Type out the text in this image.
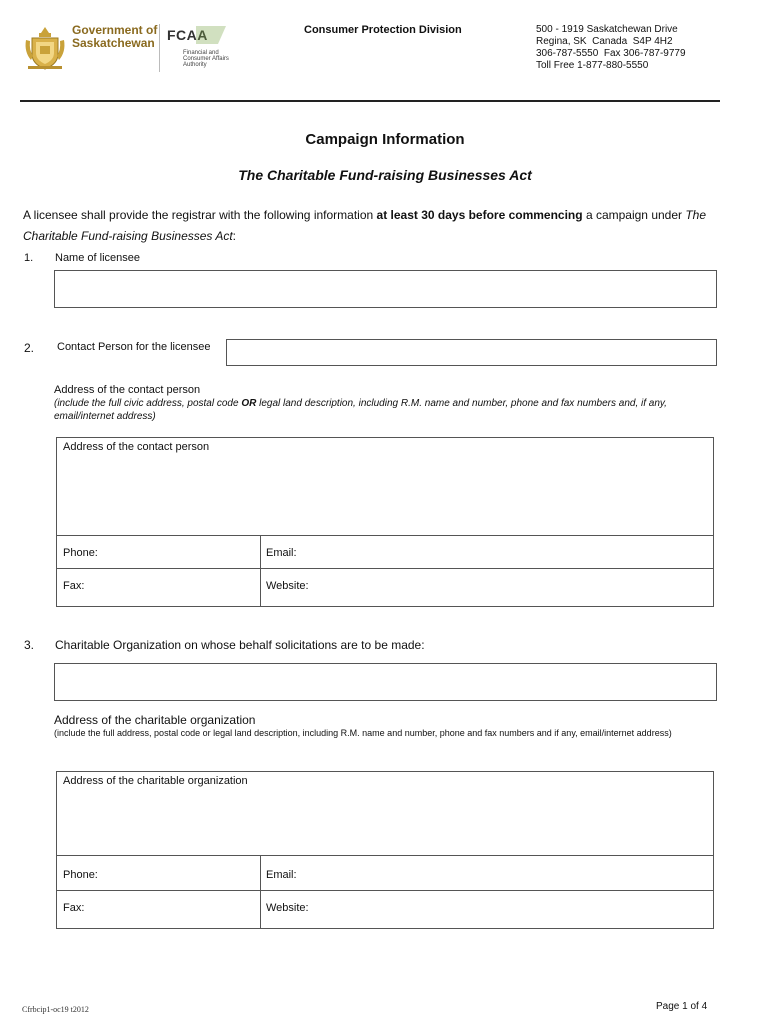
Government of
Saskatchewan FCAA
Financial and Consumer Affairs Authority
Consumer Protection Division	500 - 1919 Saskatchewan Drive
Regina, SK  Canada  S4P 4H2
306-787-5550  Fax 306-787-9779
Toll Free 1-877-880-5550
Campaign Information
The Charitable Fund-raising Businesses Act
A licensee shall provide the registrar with the following information at least 30 days before commencing a campaign under The Charitable Fund-raising Businesses Act:
1. Name of licensee
2. Contact Person for the licensee
Address of the contact person
(include the full civic address, postal code OR legal land description, including R.M. name and number, phone and fax numbers and, if any, email/internet address)
Address of the contact person
Phone:	Email:
Fax:	Website:
3. Charitable Organization on whose behalf solicitations are to be made:
Address of the charitable organization
(include the full address, postal code or legal land description, including R.M. name and number, phone and fax numbers and if any, email/internet address)
Address of the charitable organization
Phone:	Email:
Fax:	Website:
Cfrbcip1-oc19 t2012	Page 1 of 4
